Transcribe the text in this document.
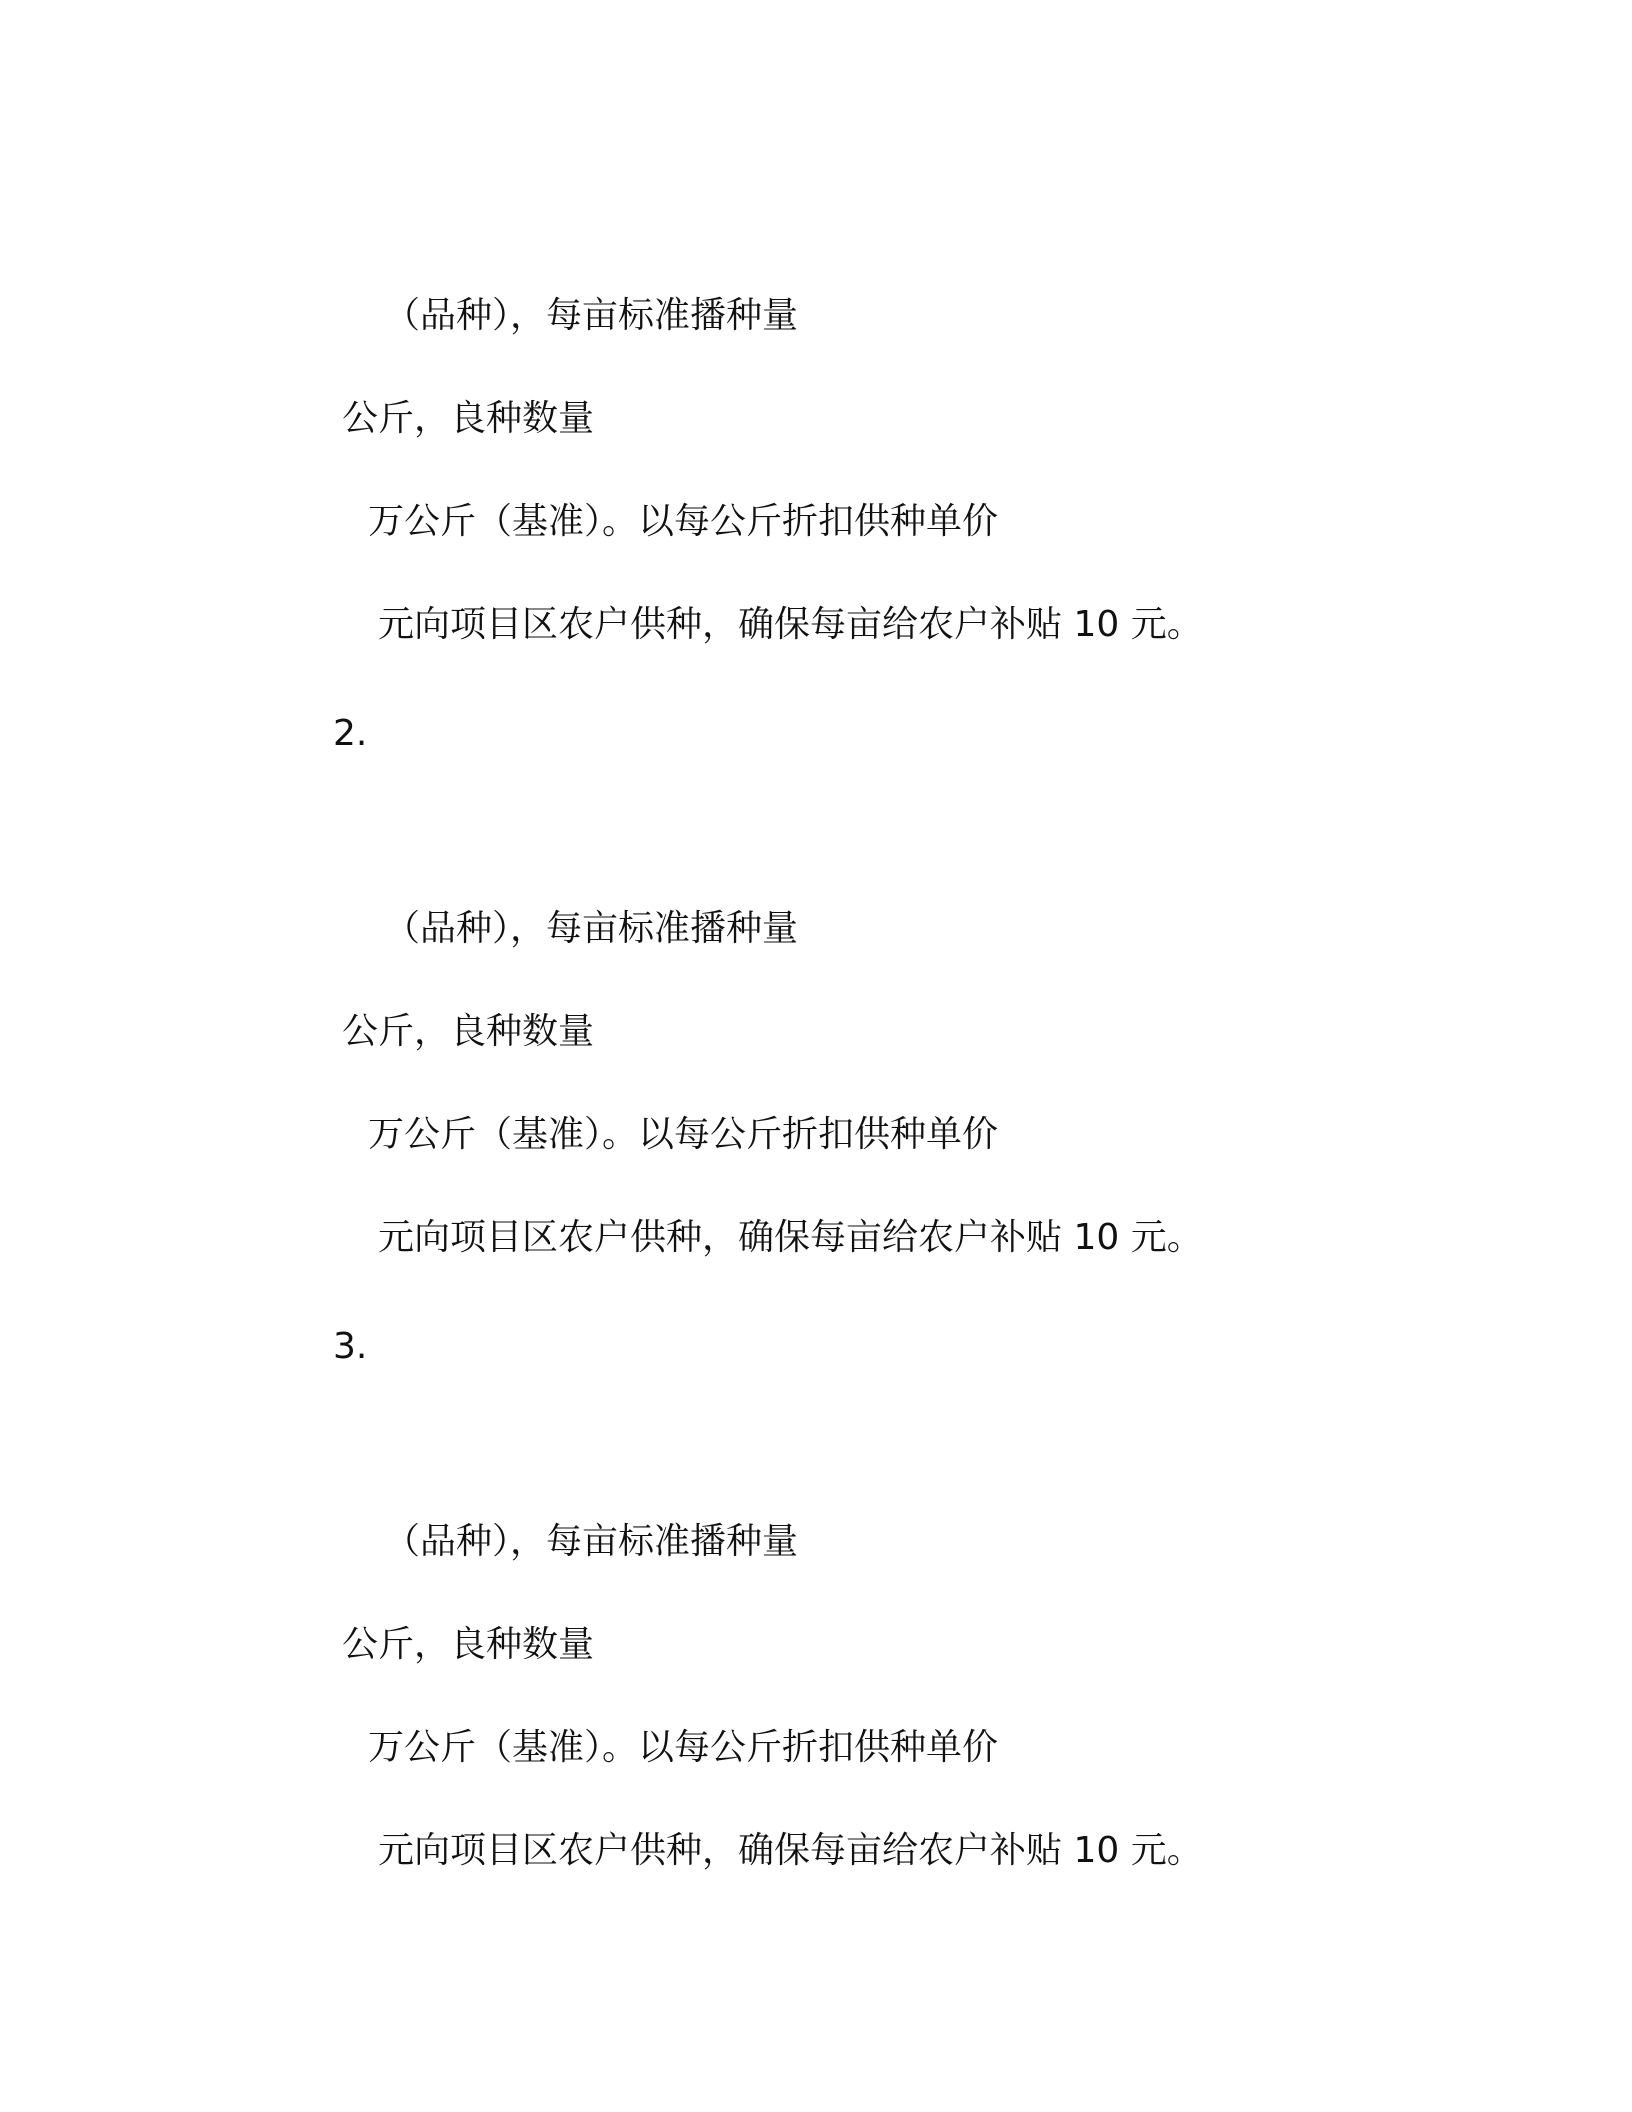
（品种），每亩标准播种量
公斤，良种数量
万公斤（基准）。以每公斤折扣供种单价
元向项目区农户供种，确保每亩给农户补贴 10 元。
2.
（品种），每亩标准播种量
公斤，良种数量
万公斤（基准）。以每公斤折扣供种单价
元向项目区农户供种，确保每亩给农户补贴 10 元。
3.
（品种），每亩标准播种量
公斤，良种数量
万公斤（基准）。以每公斤折扣供种单价
元向项目区农户供种，确保每亩给农户补贴 10 元。
